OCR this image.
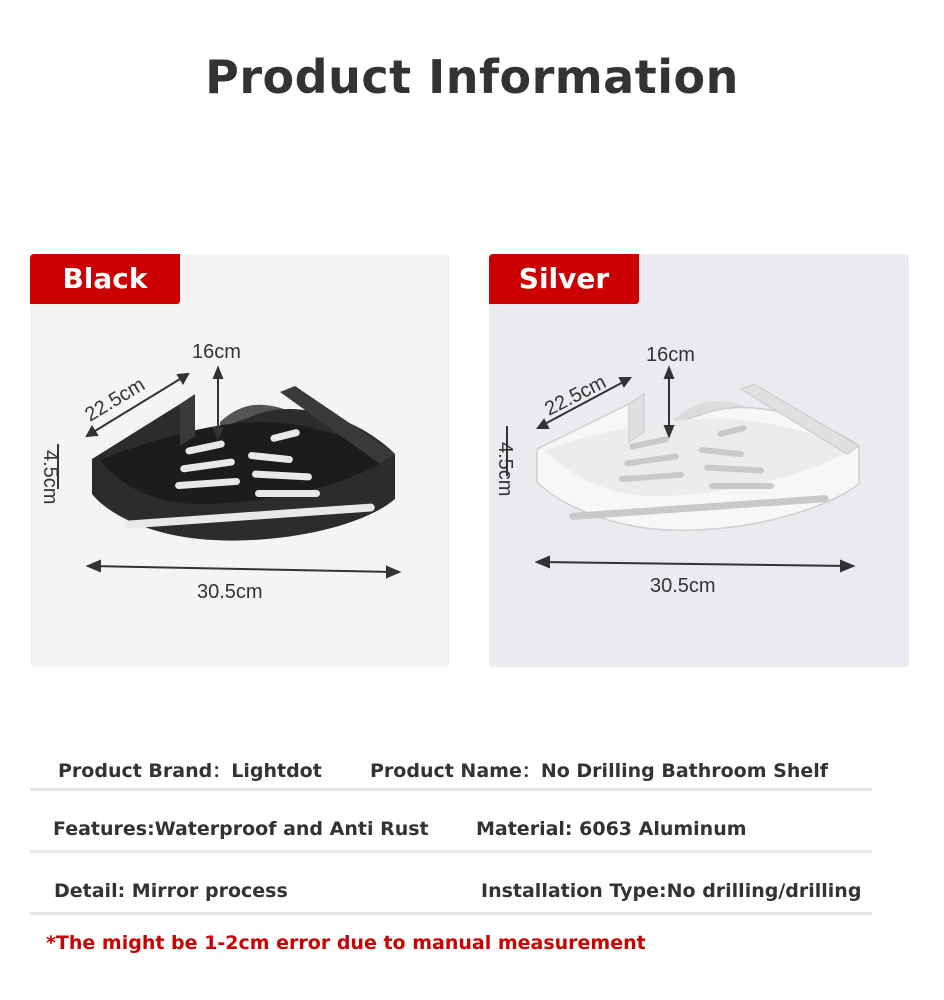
Product Information
Black
16cm
22.5cm
4.5cm
30.5cm
Silver
16cm
22.5cm
4.5cm
30.5cm
Product Brand：Lightdot	Product Name：No Drilling Bathroom Shelf
Features:Waterproof and Anti Rust Material: 6063 Aluminum
Detail: Mirror process	Installation Type:No drilling/drilling
*The might be 1-2cm error due to manual measurement
